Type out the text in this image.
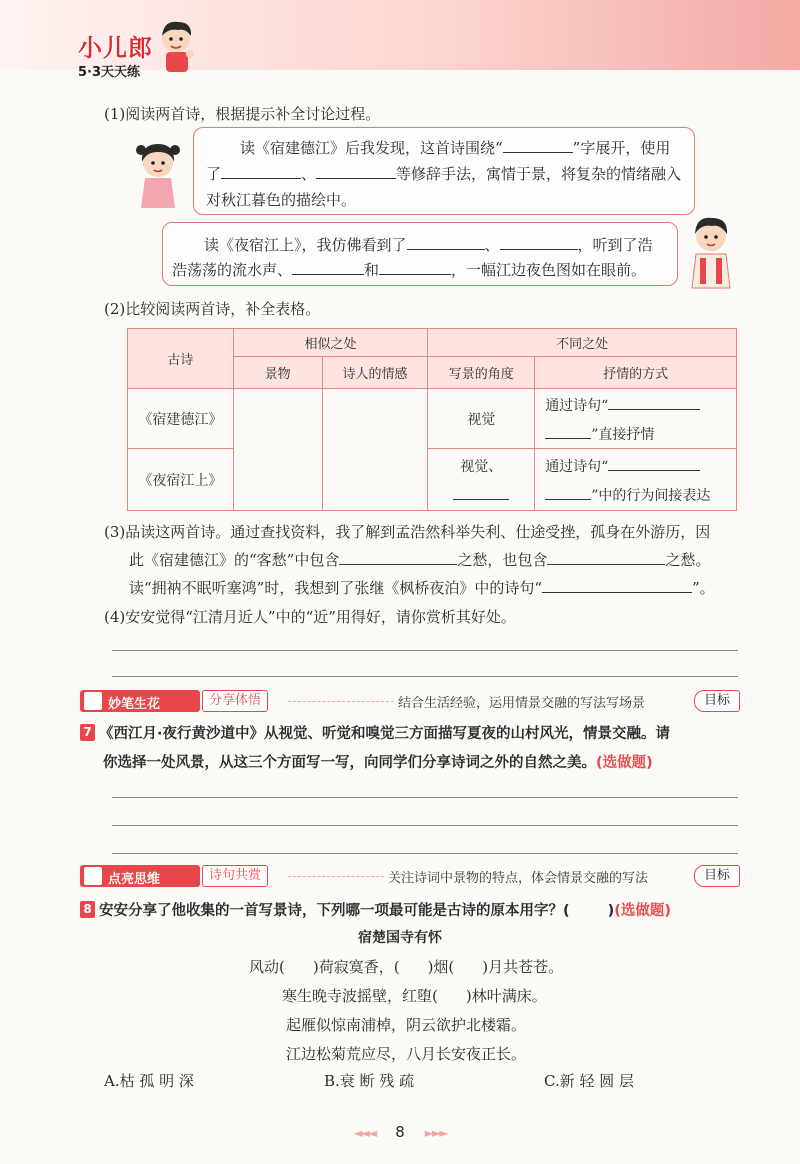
小儿郎
5·3天天练
(1)阅读两首诗，根据提示补全讨论过程。
读《宿建德江》后我发现，这首诗围绕“	”字展开，使用
了	、	等修辞手法，寓情于景，将复杂的情绪融入
对秋江暮色的描绘中。
读《夜宿江上》，我仿佛看到了	、	，听到了浩
浩荡荡的流水声、	和	，一幅江边夜色图如在眼前。
(2)比较阅读两首诗，补全表格。
古诗	相似之处		不同之处	
	景物	诗人的情感	写景的角度	抒情的方式
《宿建德江》			视觉	通过诗句“
”直接抒情

《夜宿江上》			视觉、	通过诗句“
”中的行为间接表达
(3)品读这两首诗。通过查找资料，我了解到孟浩然科举失利、仕途受挫，孤身在外游历，因
此《宿建德江》的“客愁”中包含	之愁，也包含	之愁。
读“拥衲不眠听塞鸿”时，我想到了张继《枫桥夜泊》中的诗句“	”。
(4)安安觉得“江清月近人”中的“近”用得好，请你赏析其好处。
妙笔生花	分享体悟	结合生活经验，运用情景交融的写法写场景	目标
7 《西江月·夜行黄沙道中》从视觉、听觉和嗅觉三方面描写夏夜的山村风光，情景交融。请
你选择一处风景，从这三个方面写一写，向同学们分享诗词之外的自然之美。(选做题)
点亮思维	诗句共赏	关注诗词中景物的特点，体会情景交融的写法	目标
8 安安分享了他收集的一首写景诗，下列哪一项最可能是古诗的原本用字？(	)(选做题)
宿楚国寺有怀
风动( )荷寂寞香，( )烟( )月共苍苍。
寒生晚寺波摇壁，红堕( )林叶满床。
起雁似惊南浦棹，阴云欲护北楼霜。
江边松菊荒应尽，八月长安夜正长。
A.枯 孤 明 深	B.衰 断 残 疏	C.新 轻 圆 层
◄◄◄ 8 ►►►
